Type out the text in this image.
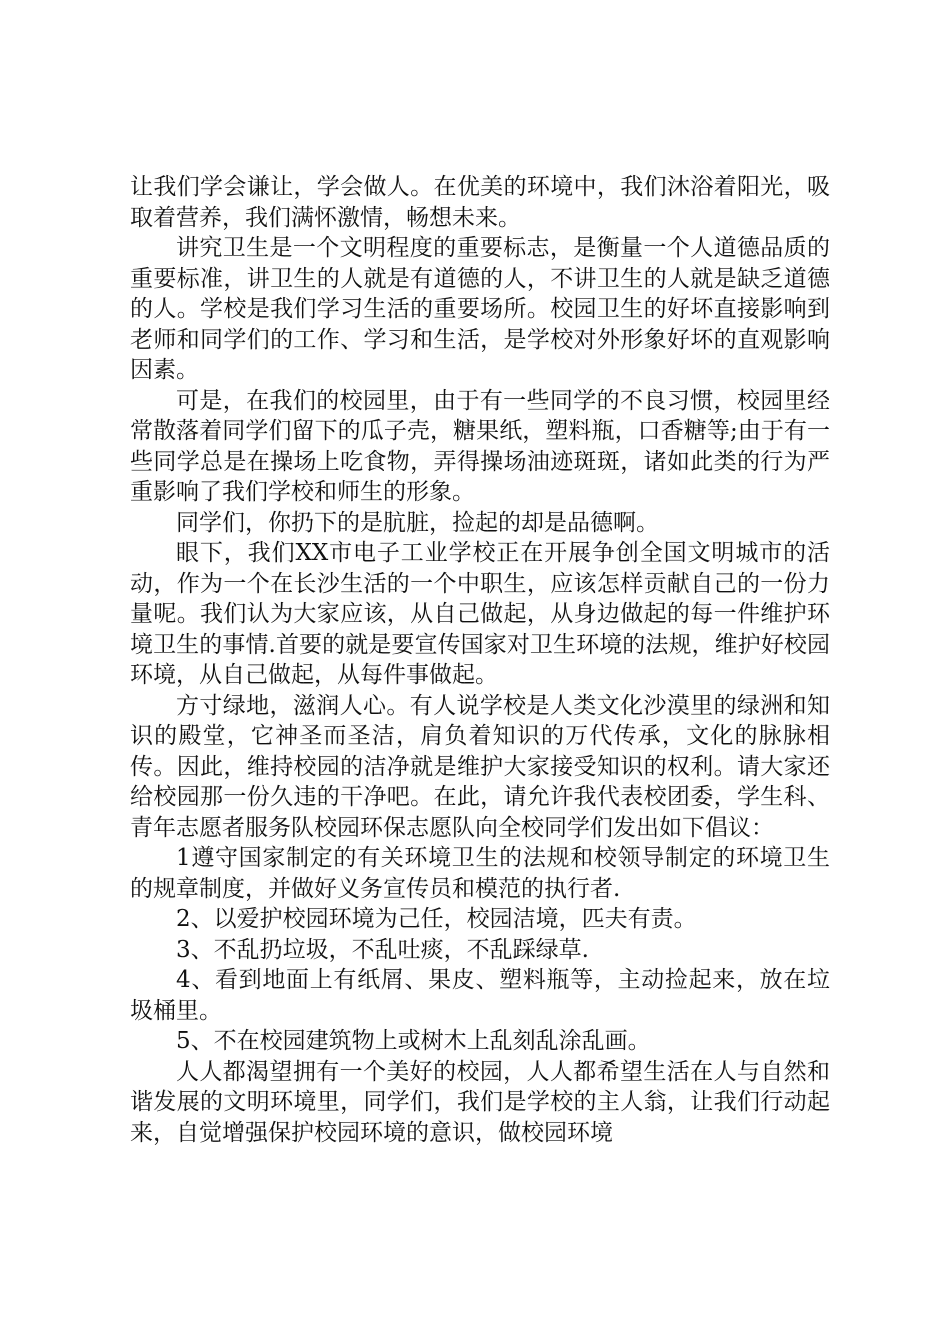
让我们学会谦让，学会做人。在优美的环境中，我们沐浴着阳光，吸取着营养，我们满怀激情，畅想未来。

讲究卫生是一个文明程度的重要标志，是衡量一个人道德品质的重要标准，讲卫生的人就是有道德的人，不讲卫生的人就是缺乏道德的人。学校是我们学习生活的重要场所。校园卫生的好坏直接影响到老师和同学们的工作、学习和生活，是学校对外形象好坏的直观影响因素。

可是，在我们的校园里，由于有一些同学的不良习惯，校园里经常散落着同学们留下的瓜子壳，糖果纸，塑料瓶，口香糖等;由于有一些同学总是在操场上吃食物，弄得操场油迹斑斑，诸如此类的行为严重影响了我们学校和师生的形象。

同学们，你扔下的是肮脏，捡起的却是品德啊。

眼下，我们XX市电子工业学校正在开展争创全国文明城市的活动，作为一个在长沙生活的一个中职生，应该怎样贡献自己的一份力量呢。我们认为大家应该，从自己做起，从身边做起的每一件维护环境卫生的事情.首要的就是要宣传国家对卫生环境的法规，维护好校园环境，从自己做起，从每件事做起。

方寸绿地，滋润人心。有人说学校是人类文化沙漠里的绿洲和知识的殿堂，它神圣而圣洁，肩负着知识的万代传承，文化的脉脉相传。因此，维持校园的洁净就是维护大家接受知识的权利。请大家还给校园那一份久违的干净吧。在此，请允许我代表校团委，学生科、青年志愿者服务队校园环保志愿队向全校同学们发出如下倡议：

1遵守国家制定的有关环境卫生的法规和校领导制定的环境卫生的规章制度，并做好义务宣传员和模范的执行者.

2、以爱护校园环境为己任，校园洁境，匹夫有责。

3、不乱扔垃圾，不乱吐痰，不乱踩绿草.

4、看到地面上有纸屑、果皮、塑料瓶等，主动捡起来，放在垃圾桶里。

5、不在校园建筑物上或树木上乱刻乱涂乱画。

人人都渴望拥有一个美好的校园，人人都希望生活在人与自然和谐发展的文明环境里，同学们，我们是学校的主人翁，让我们行动起来，自觉增强保护校园环境的意识，做校园环境
